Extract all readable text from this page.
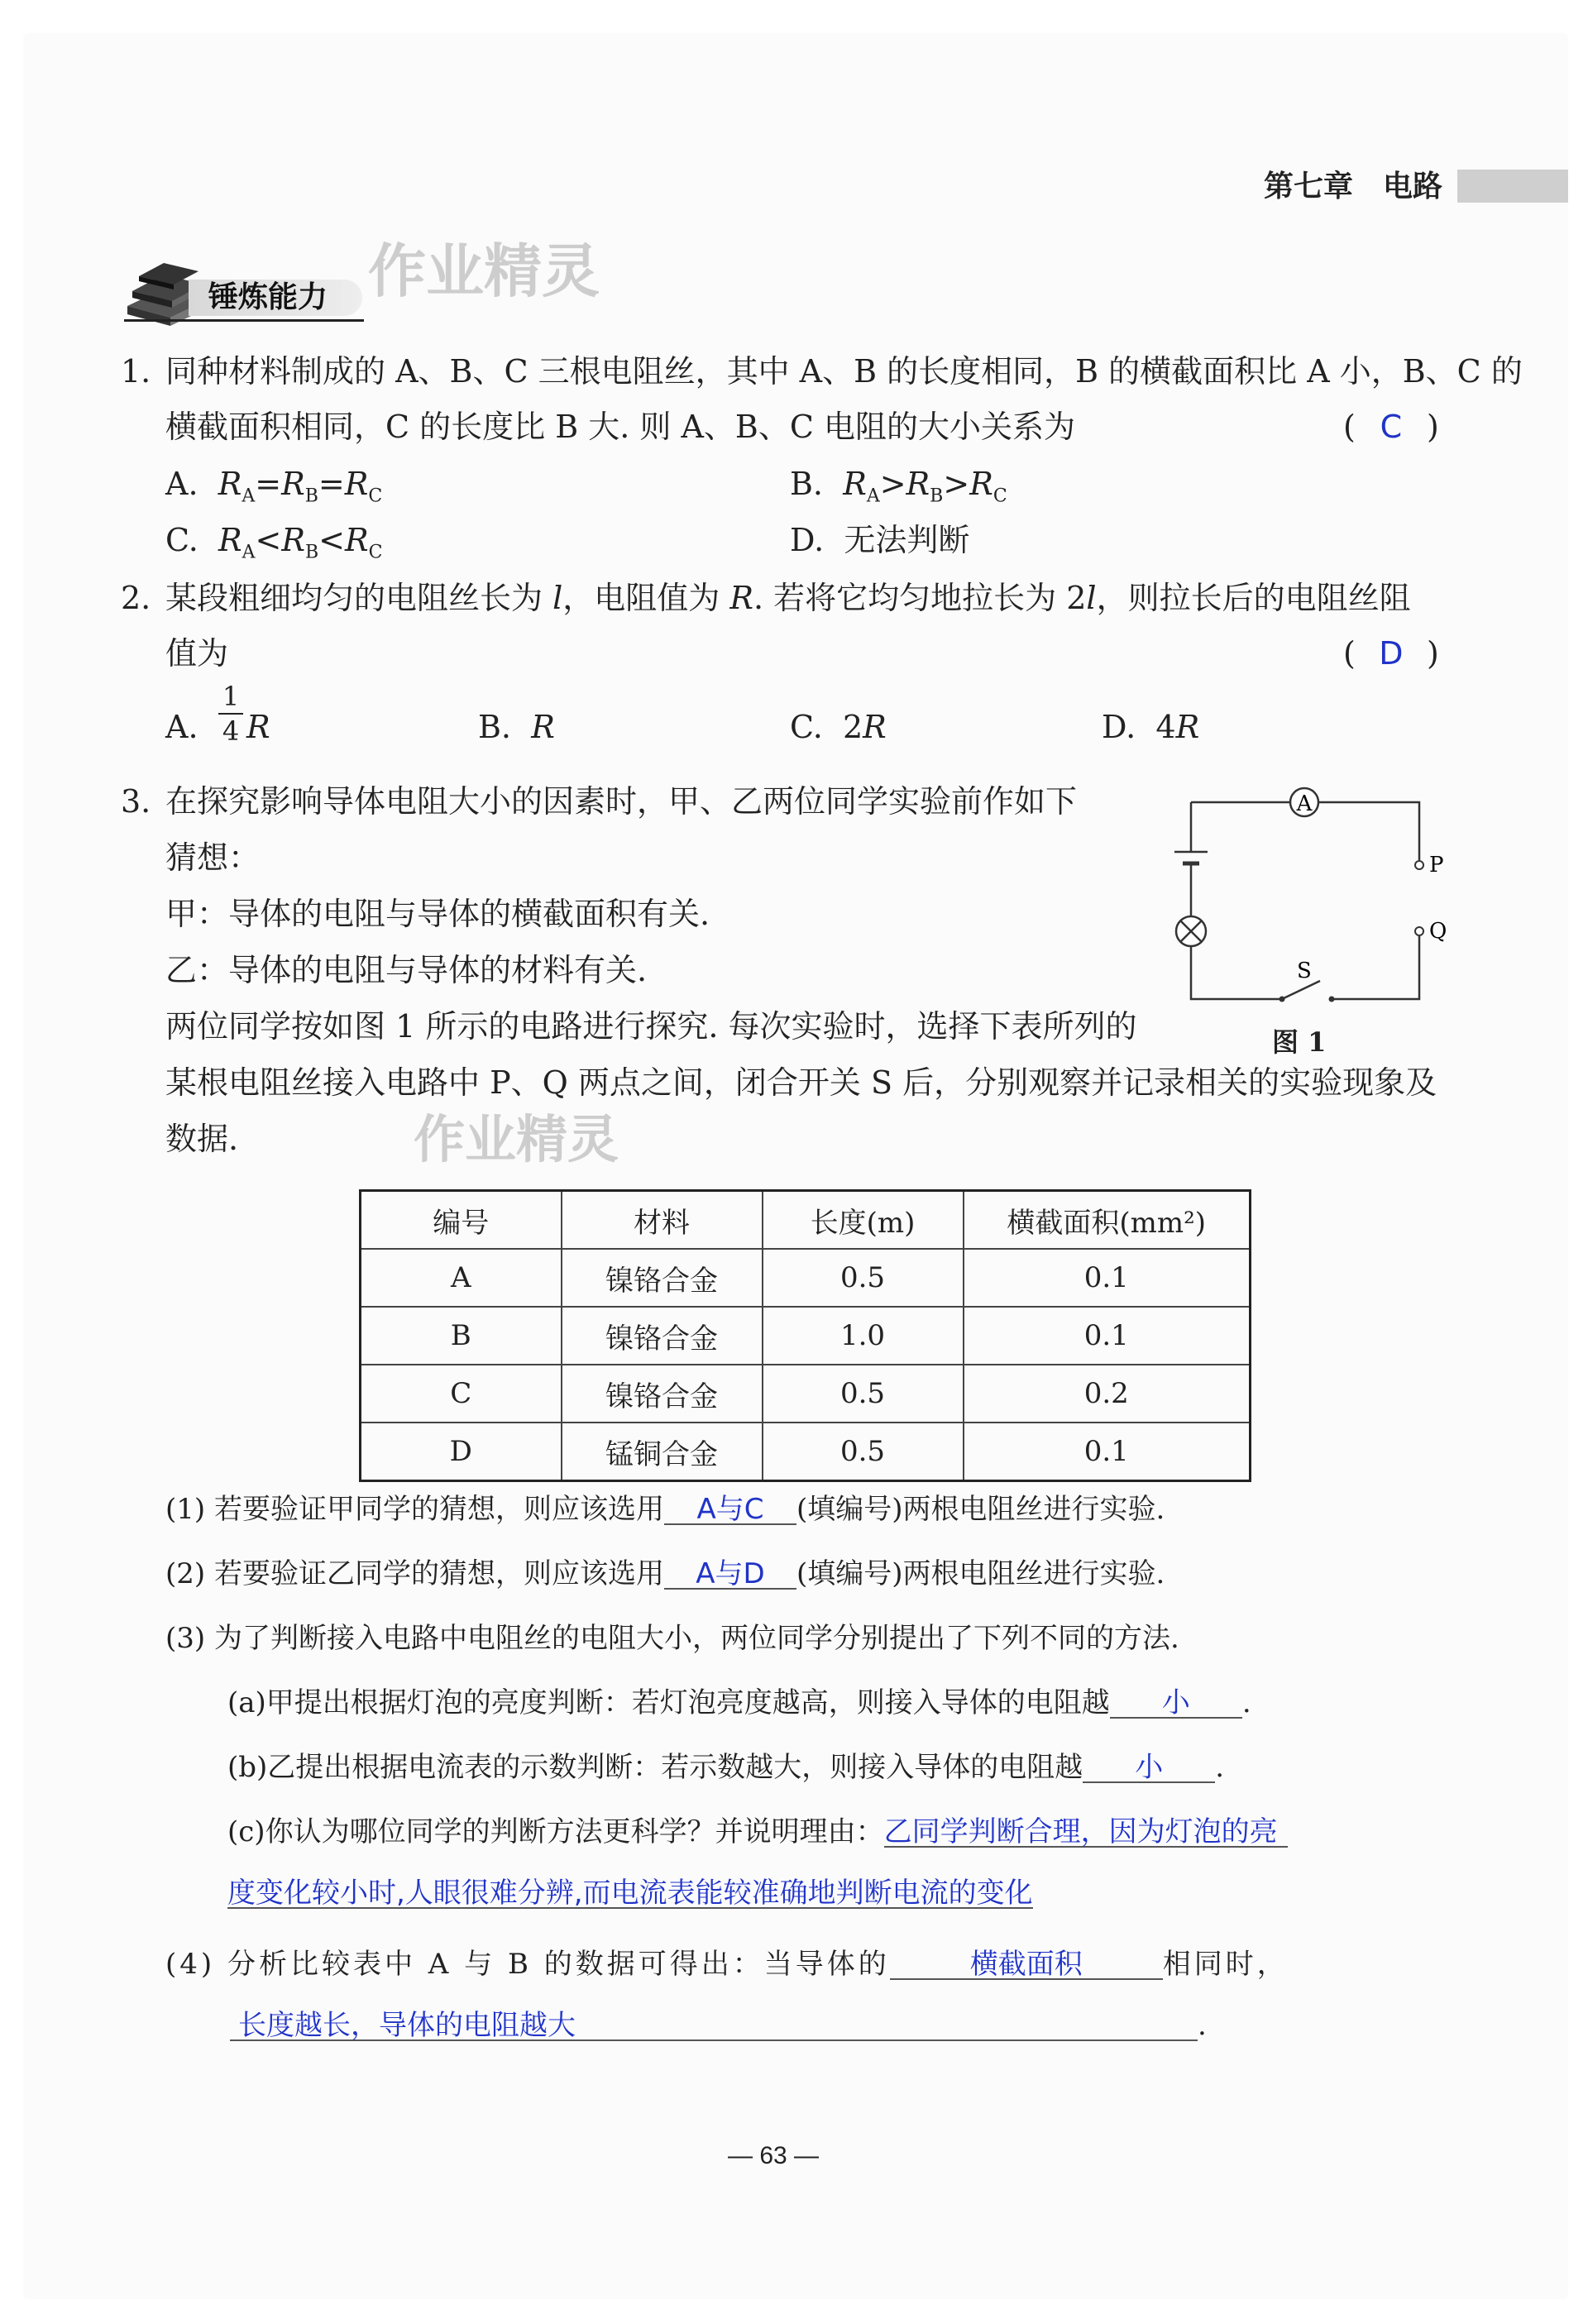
第七章 电路
作业精灵
作业精灵
锤炼能力
1. 同种材料制成的 A、B、C 三根电阻丝，其中 A、B 的长度相同，B 的横截面积比 A 小，B、C 的
横截面积相同，C 的长度比 B 大. 则 A、B、C 电阻的大小关系为	( C )
A. $R_A=R_B=R_C$	B. $R_A>R_B>R_C$
C. $R_A<R_B<R_C$	D. 无法判断
2. 某段粗细均匀的电阻丝长为 l，电阻值为 R. 若将它均匀地拉长为 2l，则拉长后的电阻丝阻
值为	( D )
A.
1
4 R	B. R	C. 2R	D. 4R
3. 在探究影响导体电阻大小的因素时，甲、乙两位同学实验前作如下
猜想：
甲：导体的电阻与导体的横截面积有关.
乙：导体的电阻与导体的材料有关.
两位同学按如图 1 所示的电路进行探究. 每次实验时，选择下表所列的
某根电阻丝接入电路中 P、Q 两点之间，闭合开关 S 后，分别观察并记录相关的实验现象及
数据.
A
P
Q
S
图 1
编号	材料	长度(m)	横截面积(mm²)
A	镍铬合金	0.5	0.1
B	镍铬合金	1.0	0.1
C	镍铬合金	0.5	0.2
D	锰铜合金	0.5	0.1
(1) 若要验证甲同学的猜想，则应该选用 A与C (填编号)两根电阻丝进行实验.
(2) 若要验证乙同学的猜想，则应该选用 A与D (填编号)两根电阻丝进行实验.
(3) 为了判断接入电路中电阻丝的电阻大小，两位同学分别提出了下列不同的方法.
(a)甲提出根据灯泡的亮度判断：若灯泡亮度越高，则接入导体的电阻越 小 .
(b)乙提出根据电流表的示数判断：若示数越大，则接入导体的电阻越 小 .
(c)你认为哪位同学的判断方法更科学？并说明理由：乙同学判断合理，因为灯泡的亮
度变化较小时,人眼很难分辨,而电流表能较准确地判断电流的变化
(4) 分析比较表中 A 与 B 的数据可得出：当导体的	横截面积	相同时，
长度越长，导体的电阻越大	.
— 63 —
